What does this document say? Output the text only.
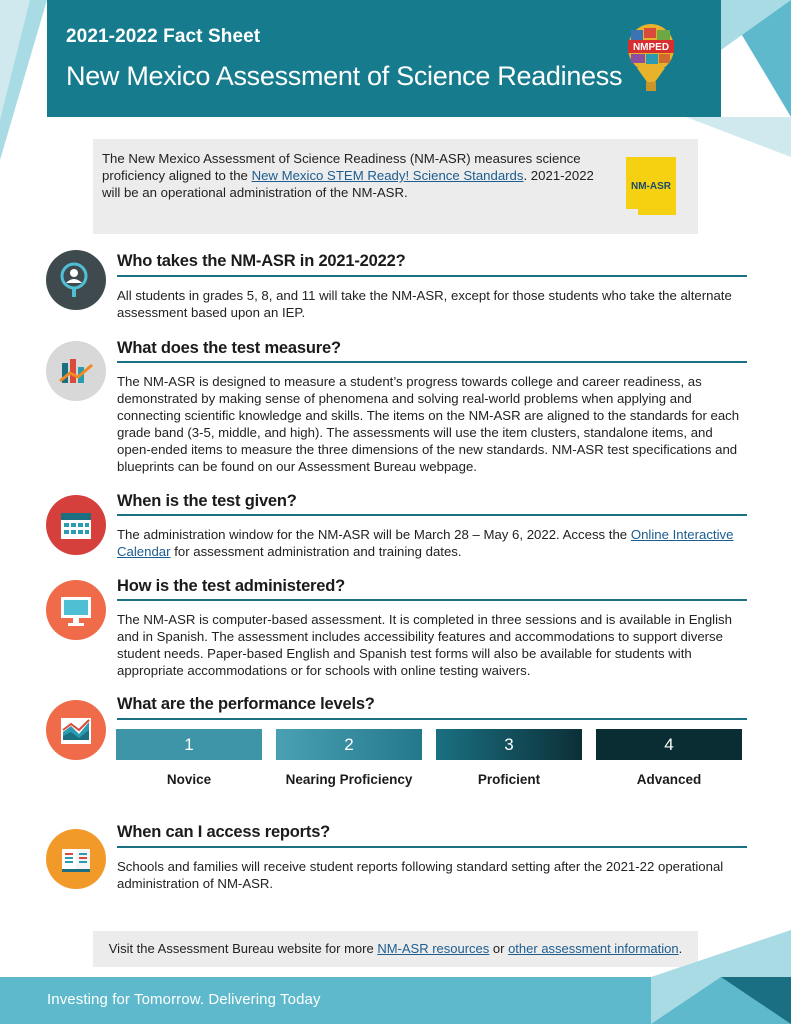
2021-2022 Fact Sheet
New Mexico Assessment of Science Readiness
NMPED
The New Mexico Assessment of Science Readiness (NM-ASR) measures science proficiency aligned to the New Mexico STEM Ready! Science Standards. 2021-2022 will be an operational administration of the NM-ASR.	NM-ASR
Who takes the NM-ASR in 2021-2022?
All students in grades 5, 8, and 11 will take the NM-ASR, except for those students who take the alternate assessment based upon an IEP.
What does the test measure?
The NM-ASR is designed to measure a student’s progress towards college and career readiness, as demonstrated by making sense of phenomena and solving real-world problems when applying and connecting scientific knowledge and skills. The items on the NM-ASR are aligned to the standards for each grade band (3-5, middle, and high). The assessments will use the item clusters, standalone items, and open-ended items to measure the three dimensions of the new standards. NM-ASR test specifications and blueprints can be found on our Assessment Bureau webpage.
When is the test given?
The administration window for the NM-ASR will be March 28 – May 6, 2022. Access the Online Interactive Calendar for assessment administration and training dates.
How is the test administered?
The NM-ASR is computer-based assessment. It is completed in three sessions and is available in English and in Spanish. The assessment includes accessibility features and accommodations to support diverse student needs. Paper-based English and Spanish test forms will also be available for students with appropriate accommodations or for schools with online testing waivers.
What are the performance levels?
1	2	3	4
Novice	Nearing Proficiency	Proficient	Advanced
When can I access reports?
Schools and families will receive student reports following standard setting after the 2021-22 operational administration of NM-ASR.
Visit the Assessment Bureau website for more NM-ASR resources or other assessment information.
Investing for Tomorrow. Delivering Today
